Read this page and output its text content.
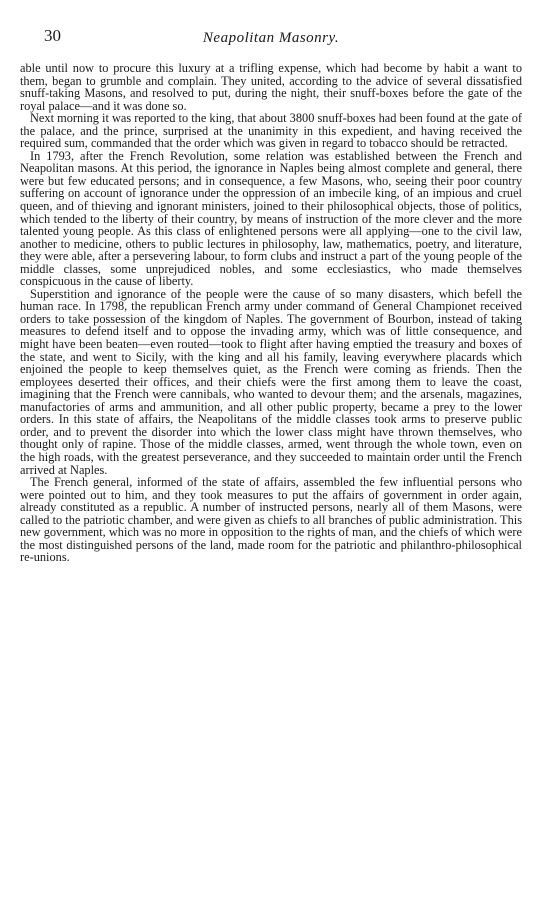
30	Neapolitan Masonry.

able until now to procure this luxury at a trifling expense, which had become by habit a want to them, began to grumble and complain. They united, according to the advice of several dissatisfied snuff-taking Masons, and resolved to put, during the night, their snuff-boxes before the gate of the royal palace—and it was done so.

Next morning it was reported to the king, that about 3800 snuff-boxes had been found at the gate of the palace, and the prince, surprised at the unanimity in this expedient, and having received the required sum, commanded that the order which was given in regard to tobacco should be retracted.

In 1793, after the French Revolution, some relation was established between the French and Neapolitan masons. At this period, the ignorance in Naples being almost complete and general, there were but few educated persons; and in consequence, a few Masons, who, seeing their poor country suffering on account of ignorance under the oppression of an imbecile king, of an impious and cruel queen, and of thieving and ignorant ministers, joined to their philosophical objects, those of politics, which tended to the liberty of their country, by means of instruction of the more clever and the more talented young people. As this class of enlightened persons were all applying—one to the civil law, another to medicine, others to public lectures in philosophy, law, mathematics, poetry, and literature, they were able, after a persevering labour, to form clubs and instruct a part of the young people of the middle classes, some unprejudiced nobles, and some ecclesiastics, who made themselves conspicuous in the cause of liberty.

Superstition and ignorance of the people were the cause of so many disasters, which befell the human race. In 1798, the republican French army under command of General Championet received orders to take possession of the kingdom of Naples. The government of Bourbon, instead of taking measures to defend itself and to oppose the invading army, which was of little consequence, and might have been beaten—even routed—took to flight after having emptied the treasury and boxes of the state, and went to Sicily, with the king and all his family, leaving everywhere placards which enjoined the people to keep themselves quiet, as the French were coming as friends. Then the employees deserted their offices, and their chiefs were the first among them to leave the coast, imagining that the French were cannibals, who wanted to devour them; and the arsenals, magazines, manufactories of arms and ammunition, and all other public property, became a prey to the lower orders. In this state of affairs, the Neapolitans of the middle classes took arms to preserve public order, and to prevent the disorder into which the lower class might have thrown themselves, who thought only of rapine. Those of the middle classes, armed, went through the whole town, even on the high roads, with the greatest perseverance, and they succeeded to maintain order until the French arrived at Naples.

The French general, informed of the state of affairs, assembled the few influential persons who were pointed out to him, and they took measures to put the affairs of government in order again, already constituted as a republic. A number of instructed persons, nearly all of them Masons, were called to the patriotic chamber, and were given as chiefs to all branches of public administration. This new government, which was no more in opposition to the rights of man, and the chiefs of which were the most distinguished persons of the land, made room for the patriotic and philanthro-philosophical re-unions.
